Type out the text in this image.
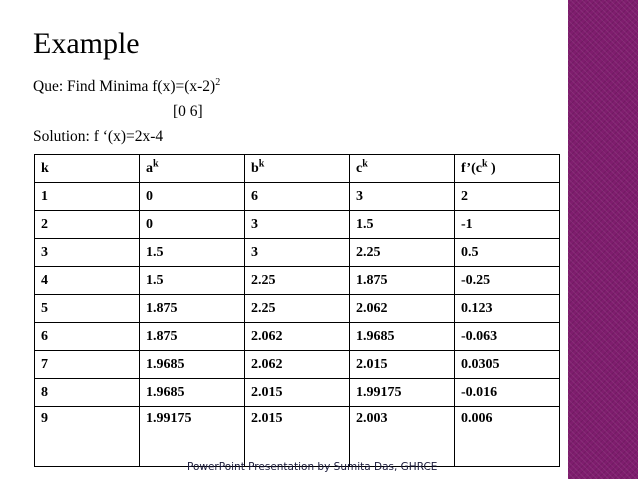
Example
Que: Find Minima $f(x)=(x-2)^2$
[0 6]
Solution: f ‘(x)=2x-4
k	$a^k$	$b^k$	$c^k$	$f’(c^k$ )
1	0	6	3	2
2	0	3	1.5	-1
3	1.5	3	2.25	0.5
4	1.5	2.25	1.875	-0.25
5	1.875	2.25	2.062	0.123
6	1.875	2.062	1.9685	-0.063
7	1.9685	2.062	2.015	0.0305
8	1.9685	2.015	1.99175	-0.016
9	1.99175	2.015	2.003	0.006
PowerPoint Presentation by Sumita Das, GHRCE
